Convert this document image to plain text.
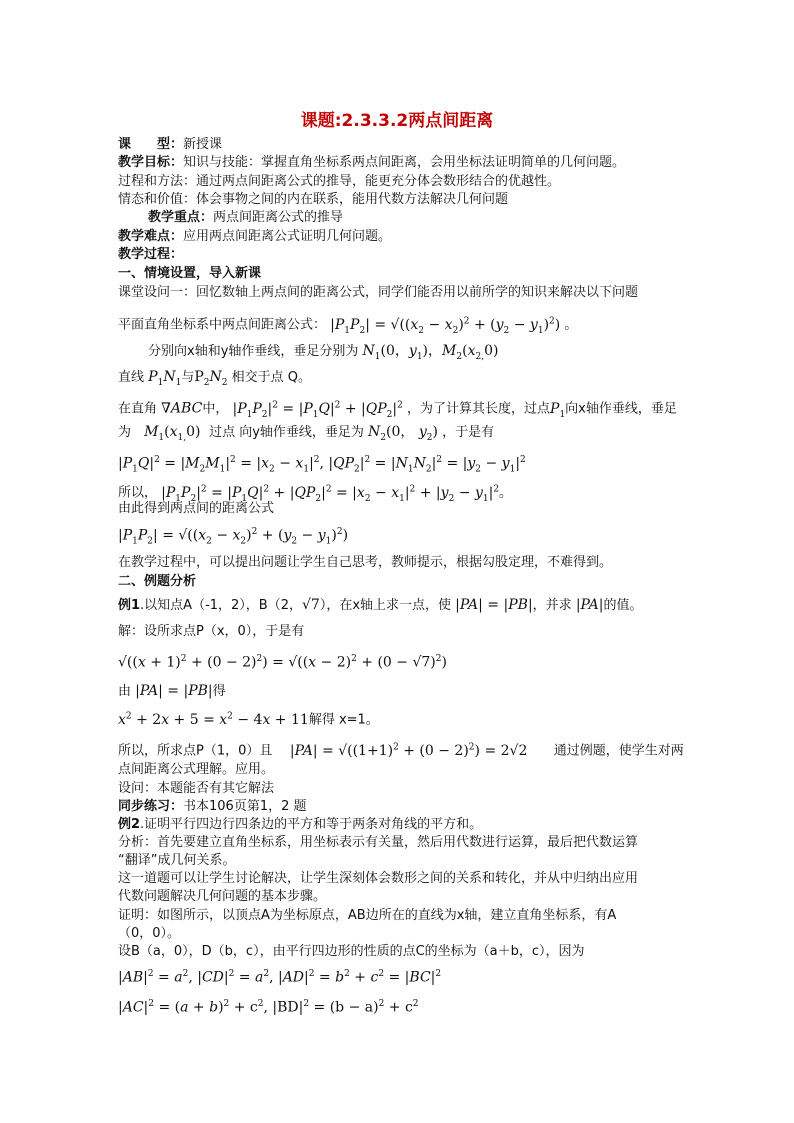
课题:2.3.3.2两点间距离
课　　型：新授课
教学目标：知识与技能：掌握直角坐标系两点间距离，会用坐标法证明简单的几何问题。
过程和方法：通过两点间距离公式的推导，能更充分体会数形结合的优越性。
情态和价值：体会事物之间的内在联系，能用代数方法解决几何问题
教学重点：两点间距离公式的推导
教学难点：应用两点间距离公式证明几何问题。
教学过程：
一、情境设置，导入新课
课堂设问一：回忆数轴上两点间的距离公式，同学们能否用以前所学的知识来解决以下问题
平面直角坐标系中两点间距离公式： $|P_1P_2| = √((x_2 - x_2)^2 + (y_2 - y_1)^2)$ 。
分别向x轴和y轴作垂线，垂足分别为 $N_1(0$，$y_1$)，$M_2(x_{2,}0)$
直线 $P_1N_1$与$P_2N_2$ 相交于点 Q。
在直角 ∇ABC中， $|P_1P_2|^2 = |P_1Q|^2 + |QP_2|^2$ ，为了计算其长度，过点$P_1$向x轴作垂线，垂足
为 $M_1(x_{1,}0)$  过点 向y轴作垂线，垂足为 $N_2(0$， $y_2$) ，于是有
$|P_1Q|^2 = |M_2M_1|^2 = |x_2 - x_1|^2$, $|QP_2|^2 = |N_1N_2|^2 = |y_2 - y_1|^2$
所以， $|P_1P_2|^2 = |P_1Q|^2 + |QP_2|^2 = |x_2 - x_1|^2 + |y_2 - y_1|^2$。
由此得到两点间的距离公式
$|P_1P_2| = √((x_2 - x_2)^2 + (y_2 - y_1)^2)$
在教学过程中，可以提出问题让学生自己思考，教师提示，根据勾股定理，不难得到。
二、例题分析
例1.以知点A（-1，2），B（2，√7），在x轴上求一点，使 |PA| = |PB|，并求 |PA|的值。
解：设所求点P（x，0），于是有
$√((x + 1)^2 + (0 - 2)^2) = √((x - 2)^2 + (0 - √7)^2)$
由 |PA| = |PB|得
$x^2 + 2x + 5 = x^2 - 4x + 11$解得 x=1。
所以，所求点P（1，0）且    $|PA| = √((1+1)^2 + (0 - 2)^2) = 2√2$      通过例题，使学生对两
点间距离公式理解。应用。
设问：本题能否有其它解法
同步练习：书本106页第1，2 题
例2.证明平行四边行四条边的平方和等于两条对角线的平方和。
分析：首先要建立直角坐标系，用坐标表示有关量，然后用代数进行运算，最后把代数运算
“翻译”成几何关系。
这一道题可以让学生讨论解决，让学生深刻体会数形之间的关系和转化，并从中归纳出应用
代数问题解决几何问题的基本步骤。
证明：如图所示，以顶点A为坐标原点，AB边所在的直线为x轴，建立直角坐标系，有A
（0，0）。
设B（a，0），D（b，c），由平行四边形的性质的点C的坐标为（a＋b，c），因为
$|AB|^2 = a^2$, $|CD|^2 = a^2$, $|AD|^2 = b^2 + c^2 = |BC|^2$
$|AC|^2 = (a + b)^2 + c^2$, $|BD|^2 = (b - a)^2 + c^2$
